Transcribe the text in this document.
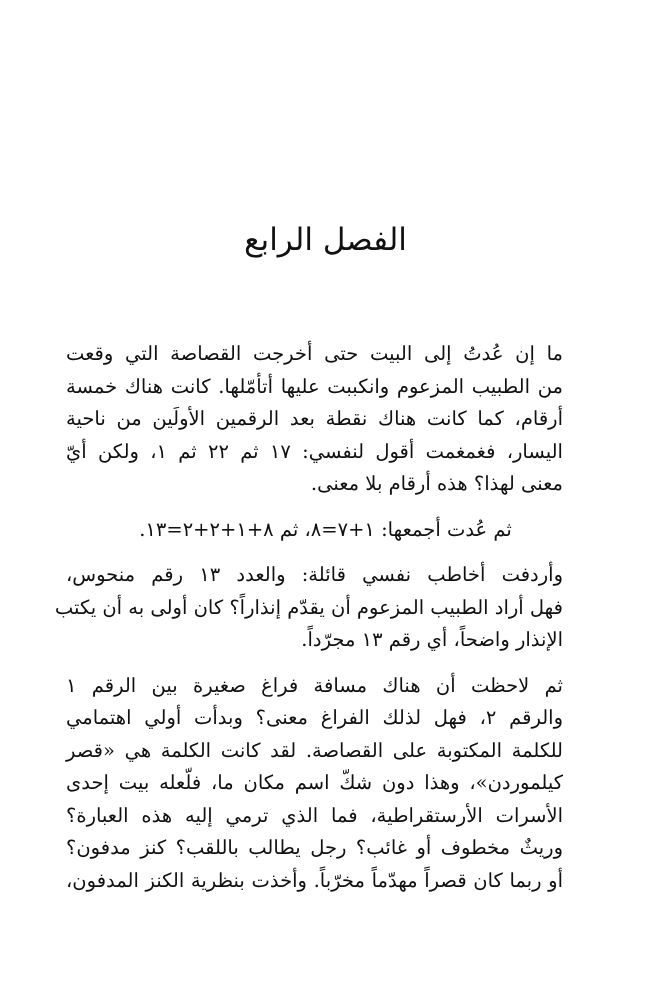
الفصل الرابع

ما إن عُدتُ إلى البيت حتى أخرجت القصاصة التي وقعت
من الطبيب المزعوم وانكببت عليها أتأمّلها. كانت هناك خمسة
أرقام، كما كانت هناك نقطة بعد الرقمين الأولَين من ناحية
اليسار، فغمغمت أقول لنفسي: ١٧ ثم ٢٢ ثم ١، ولكن أيّ
معنى لهذا؟ هذه أرقام بلا معنى.

ثم عُدت أجمعها: ١+٧=٨، ثم ٨+١+٢+٢=١٣.

وأردفت أخاطب نفسي قائلة: والعدد ١٣ رقم منحوس،
فهل أراد الطبيب المزعوم أن يقدّم إنذاراً؟ كان أولى به أن يكتب
الإنذار واضحاً، أي رقم ١٣ مجرّداً.

ثم لاحظت أن هناك مسافة فراغ صغيرة بين الرقم ١
والرقم ٢، فهل لذلك الفراغ معنى؟ وبدأت أولي اهتمامي
للكلمة المكتوبة على القصاصة. لقد كانت الكلمة هي «قصر
كيلموردن»، وهذا دون شكّ اسم مكان ما، فلّعله بيت إحدى
الأسرات الأرستقراطية، فما الذي ترمي إليه هذه العبارة؟
وريثٌ مخطوف أو غائب؟ رجل يطالب باللقب؟ كنز مدفون؟
أو ربما كان قصراً مهدّماً مخرّباً. وأخذت بنظرية الكنز المدفون،
